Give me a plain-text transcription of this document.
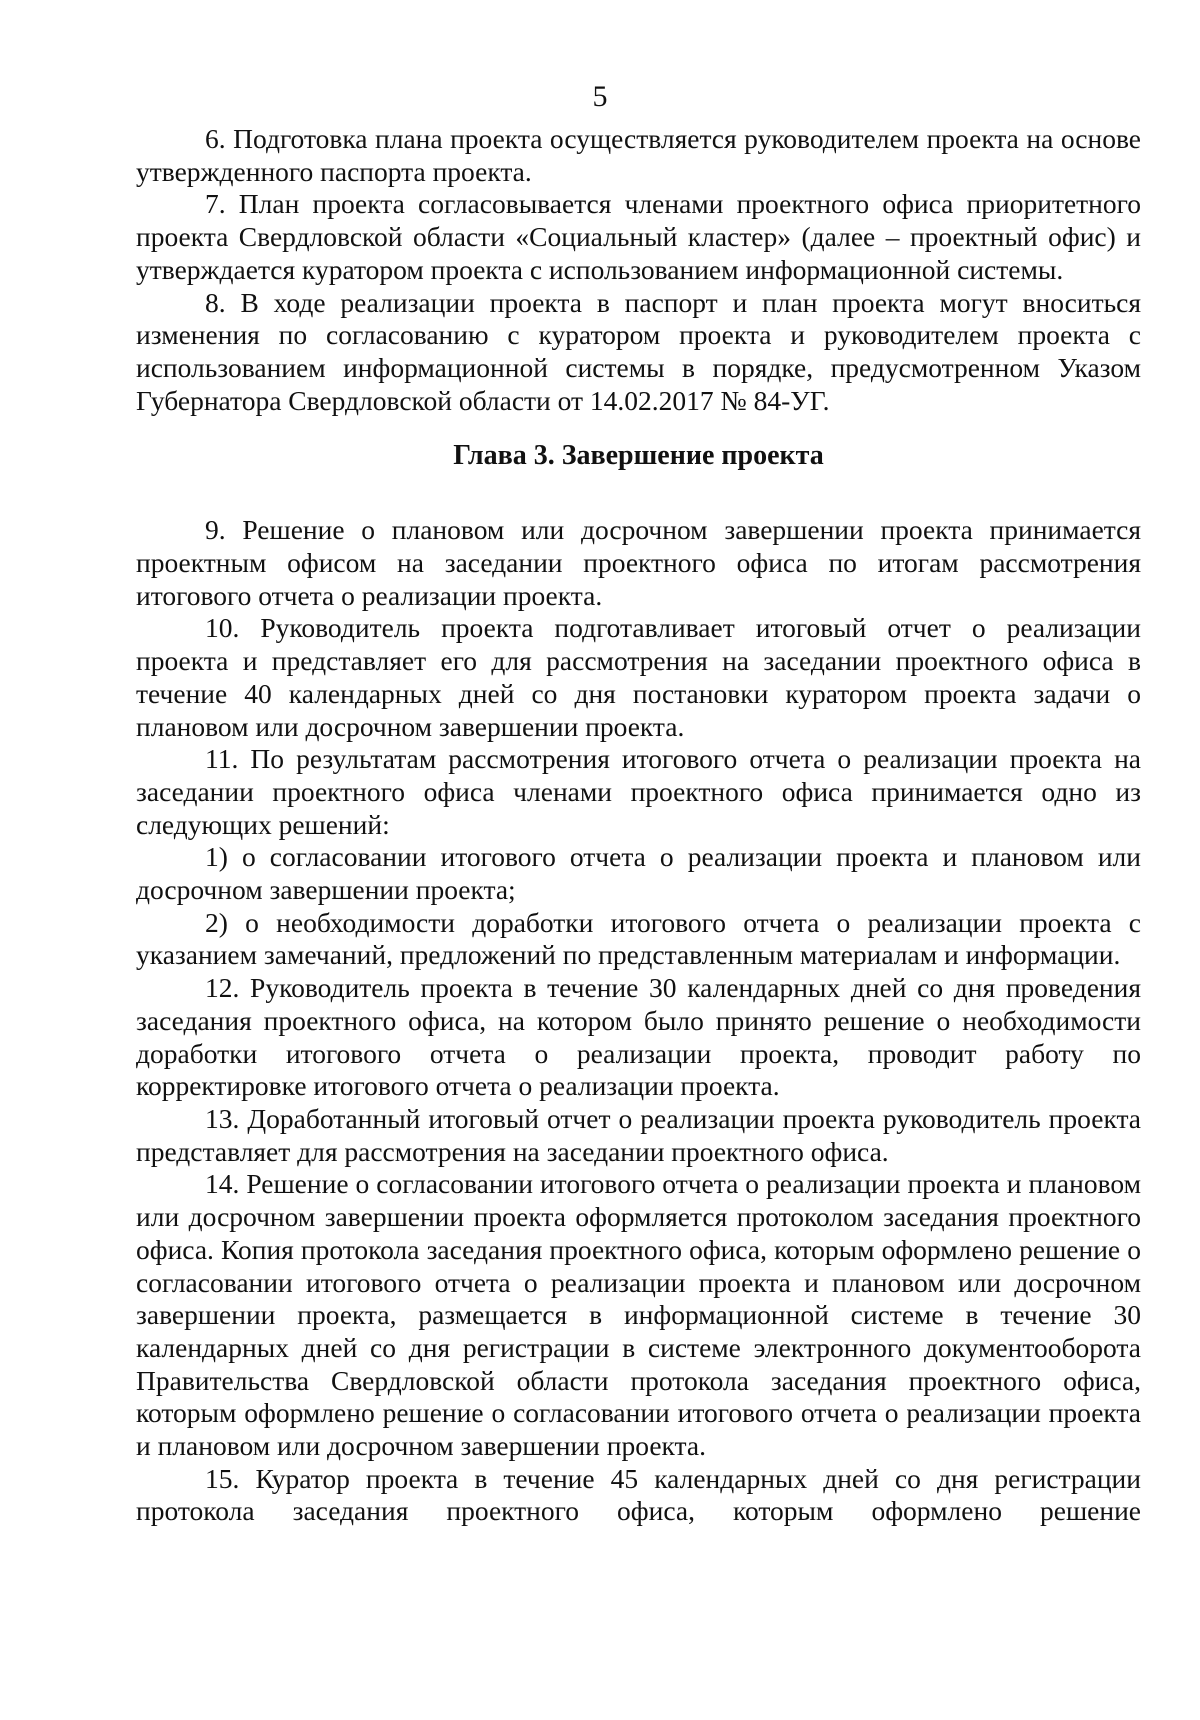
5

6. Подготовка плана проекта осуществляется руководителем проекта на основе утвержденного паспорта проекта.

7. План проекта согласовывается членами проектного офиса приоритетного проекта Свердловской области «Социальный кластер» (далее – проектный офис) и утверждается куратором проекта с использованием информационной системы.

8. В ходе реализации проекта в паспорт и план проекта могут вноситься изменения по согласованию с куратором проекта и руководителем проекта с использованием информационной системы в порядке, предусмотренном Указом Губернатора Свердловской области от 14.02.2017 № 84-УГ.

Глава 3. Завершение проекта

9. Решение о плановом или досрочном завершении проекта принимается проектным офисом на заседании проектного офиса по итогам рассмотрения итогового отчета о реализации проекта.

10. Руководитель проекта подготавливает итоговый отчет о реализации проекта и представляет его для рассмотрения на заседании проектного офиса в течение 40 календарных дней со дня постановки куратором проекта задачи о плановом или досрочном завершении проекта.

11. По результатам рассмотрения итогового отчета о реализации проекта на заседании проектного офиса членами проектного офиса принимается одно из следующих решений:

1) о согласовании итогового отчета о реализации проекта и плановом или досрочном завершении проекта;

2) о необходимости доработки итогового отчета о реализации проекта с указанием замечаний, предложений по представленным материалам и информации.

12. Руководитель проекта в течение 30 календарных дней со дня проведения заседания проектного офиса, на котором было принято решение о необходимости доработки итогового отчета о реализации проекта, проводит работу по корректировке итогового отчета о реализации проекта.

13. Доработанный итоговый отчет о реализации проекта руководитель проекта представляет для рассмотрения на заседании проектного офиса.

14. Решение о согласовании итогового отчета о реализации проекта и плановом или досрочном завершении проекта оформляется протоколом заседания проектного офиса. Копия протокола заседания проектного офиса, которым оформлено решение о согласовании итогового отчета о реализации проекта и плановом или досрочном завершении проекта, размещается в информационной системе в течение 30 календарных дней со дня регистрации в системе электронного документооборота Правительства Свердловской области протокола заседания проектного офиса, которым оформлено решение о согласовании итогового отчета о реализации проекта и плановом или досрочном завершении проекта.

15. Куратор проекта в течение 45 календарных дней со дня регистрации протокола заседания проектного офиса, которым оформлено решение
